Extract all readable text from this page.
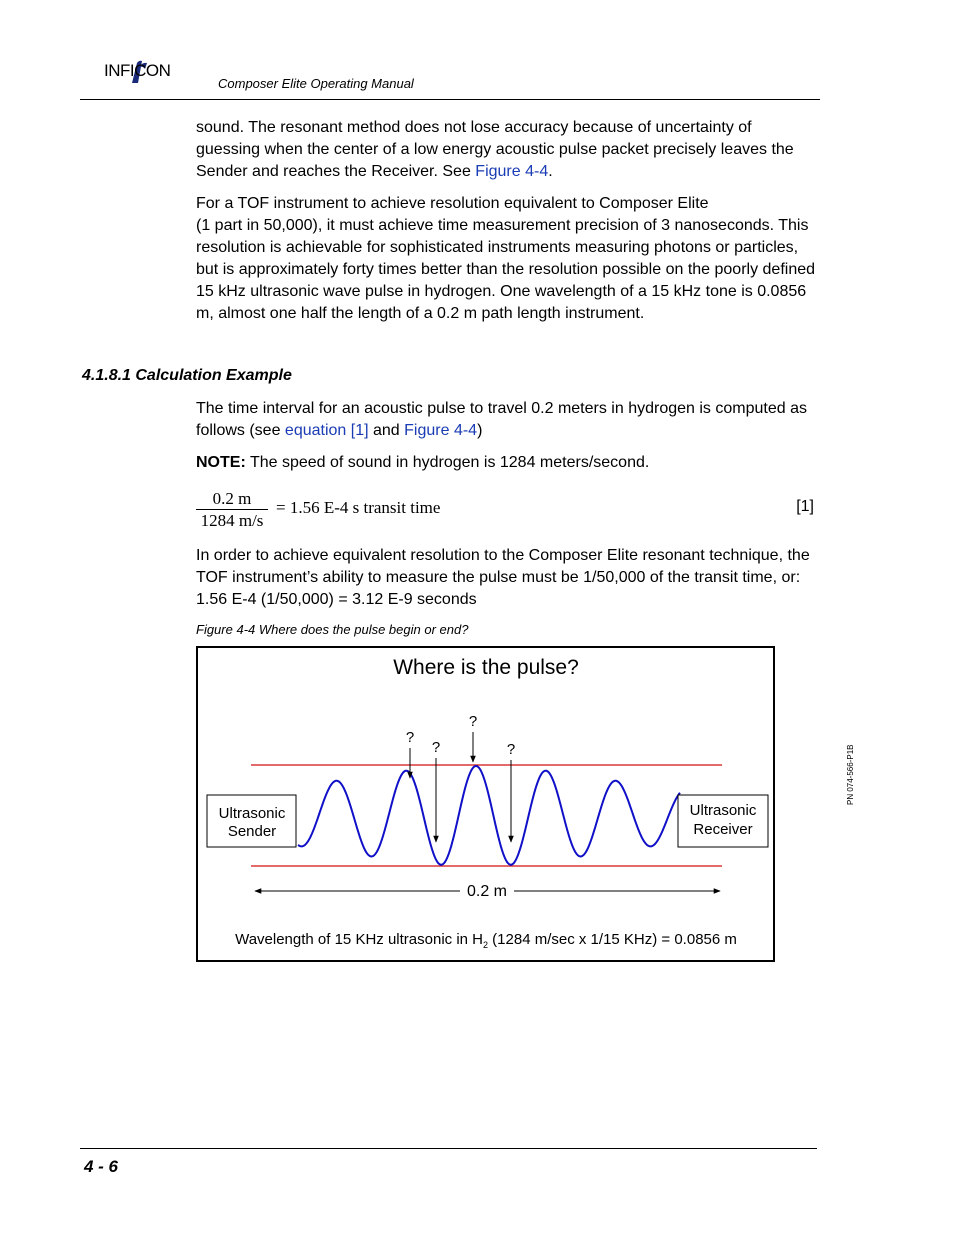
INFICON
Composer Elite Operating Manual

sound. The resonant method does not lose accuracy because of uncertainty of guessing when the center of a low energy acoustic pulse packet precisely leaves the Sender and reaches the Receiver. See Figure 4-4.

For a TOF instrument to achieve resolution equivalent to Composer Elite
(1 part in 50,000), it must achieve time measurement precision of 3 nanoseconds. This resolution is achievable for sophisticated instruments measuring photons or particles, but is approximately forty times better than the resolution possible on the poorly defined 15 kHz ultrasonic wave pulse in hydrogen. One wavelength of a 15 kHz tone is 0.0856 m, almost one half the length of a 0.2 m path length instrument.

4.1.8.1 Calculation Example

The time interval for an acoustic pulse to travel 0.2 meters in hydrogen is computed as follows (see equation [1] and Figure 4-4)

NOTE: The speed of sound in hydrogen is 1284 meters/second.

0.2 m
1284 m/s
= 1.56 E-4 s transit time	[1]

In order to achieve equivalent resolution to the Composer Elite resonant technique, the TOF instrument’s ability to measure the pulse must be 1/50,000 of the transit time, or: 1.56 E-4 (1/50,000) = 3.12 E-9 seconds

Figure 4-4 Where does the pulse begin or end?
Where is the pulse?
?
?
?
?
Ultrasonic
Sender
Ultrasonic
Receiver
0.2 m
Wavelength of 15 KHz ultrasonic in $H_2$ (1284 m/sec x 1/15 KHz) = 0.0856 m
PN 074-566-P1B
4 - 6
